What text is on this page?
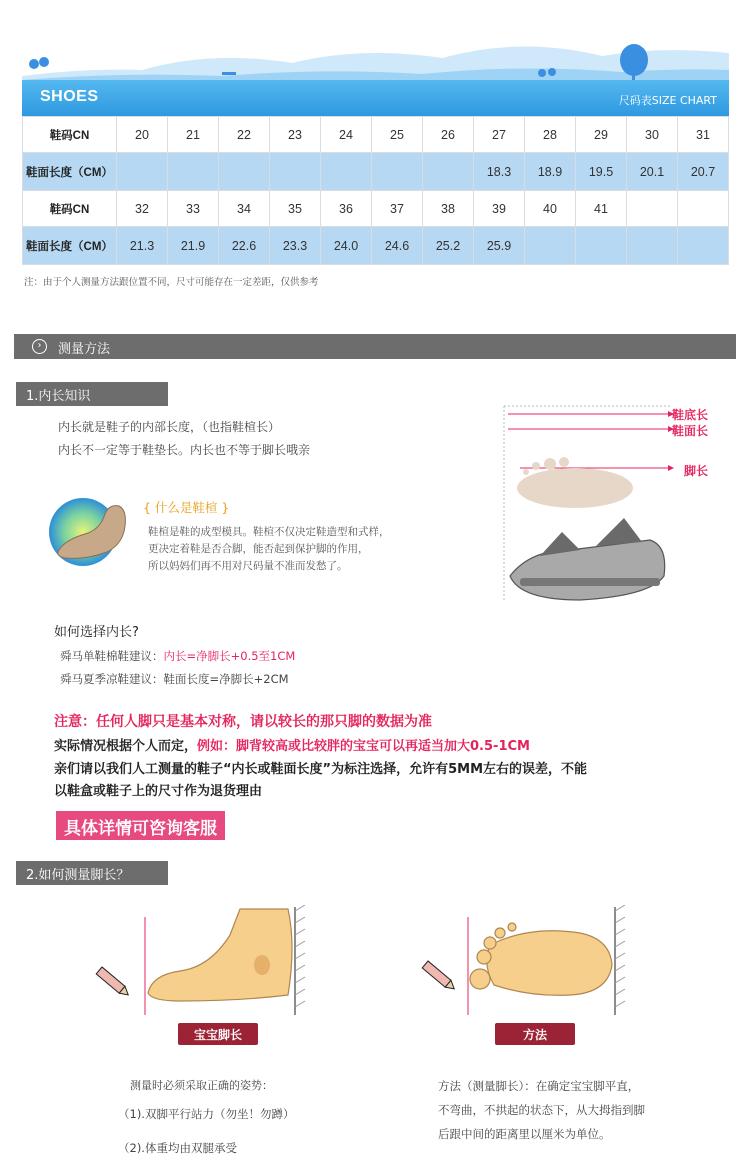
SHOES	尺码表SIZE CHART
鞋码CN	20	21	22	23	24	25	26	27	28	29	30	31
鞋面长度（CM）								18.3	18.9	19.5	20.1	20.7
鞋码CN	32	33	34	35	36	37	38	39	40	41		
鞋面长度（CM）	21.3	21.9	22.6	23.3	24.0	24.6	25.2	25.9				
注：由于个人测量方法跟位置不同，尺寸可能存在一定差距，仅供参考
›	测量方法
1.内长知识
内长就是鞋子的内部长度，（也指鞋楦长）
内长不一定等于鞋垫长。内长也不等于脚长哦亲
{ 什么是鞋楦 }
鞋楦是鞋的成型模具。鞋楦不仅决定鞋造型和式样，
更决定着鞋是否合脚，能否起到保护脚的作用，
所以妈妈们再不用对尺码量不准而发愁了。
鞋底长
鞋面长
脚长
如何选择内长?
舜马单鞋棉鞋建议：内长=净脚长+0.5至1CM
舜马夏季凉鞋建议：鞋面长度=净脚长+2CM
注意：任何人脚只是基本对称，请以较长的那只脚的数据为准
实际情况根据个人而定，例如：脚背较高或比较胖的宝宝可以再适当加大0.5-1CM
亲们请以我们人工测量的鞋子“内长或鞋面长度”为标注选择，允许有5MM左右的误差，不能
以鞋盒或鞋子上的尺寸作为退货理由
具体详情可咨询客服
2.如何测量脚长？
宝宝脚长	方法
测量时必须采取正确的姿势：
（1).双脚平行站力（勿坐！勿蹲）
（2).体重均由双腿承受
方法（测量脚长）：在确定宝宝脚平直，
不弯曲，不拱起的状态下，从大拇指到脚
后跟中间的距离里以厘米为单位。
